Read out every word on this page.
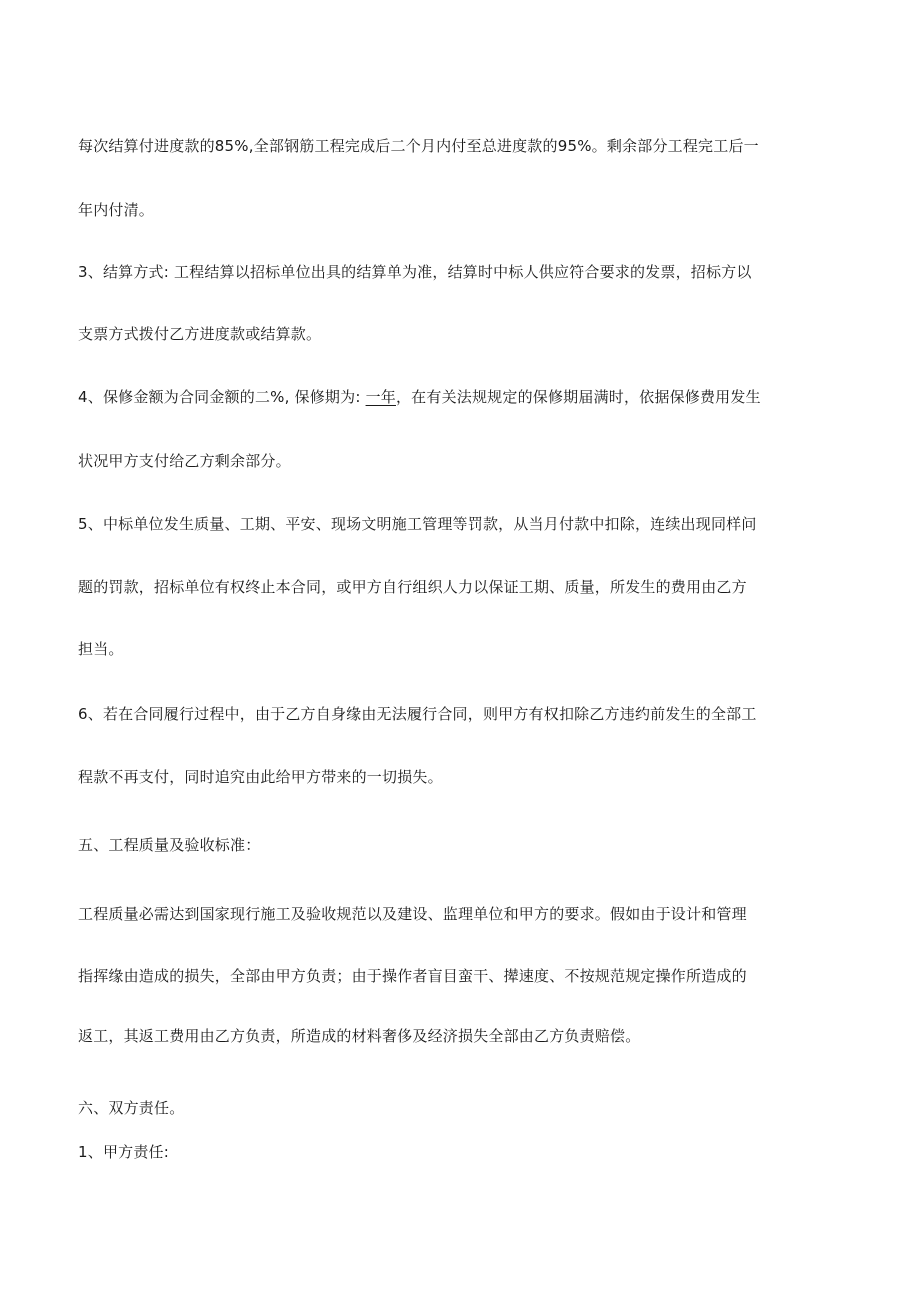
每次结算付进度款的85%,全部钢筋工程完成后二个月内付至总进度款的95%。剩余部分工程完工后一
年内付清。
3、结算方式: 工程结算以招标单位出具的结算单为准，结算时中标人供应符合要求的发票，招标方以
支票方式拨付乙方进度款或结算款。
4、保修金额为合同金额的二%, 保修期为: 一年，在有关法规规定的保修期届满时，依据保修费用发生
状况甲方支付给乙方剩余部分。
5、中标单位发生质量、工期、平安、现场文明施工管理等罚款，从当月付款中扣除，连续出现同样问
题的罚款，招标单位有权终止本合同，或甲方自行组织人力以保证工期、质量，所发生的费用由乙方
担当。
6、若在合同履行过程中，由于乙方自身缘由无法履行合同，则甲方有权扣除乙方违约前发生的全部工
程款不再支付，同时追究由此给甲方带来的一切损失。
五、工程质量及验收标准：
工程质量必需达到国家现行施工及验收规范以及建设、监理单位和甲方的要求。假如由于设计和管理
指挥缘由造成的损失，全部由甲方负责；由于操作者盲目蛮干、撵速度、不按规范规定操作所造成的
返工，其返工费用由乙方负责，所造成的材料奢侈及经济损失全部由乙方负责赔偿。
六、双方责任。
1、甲方责任:
